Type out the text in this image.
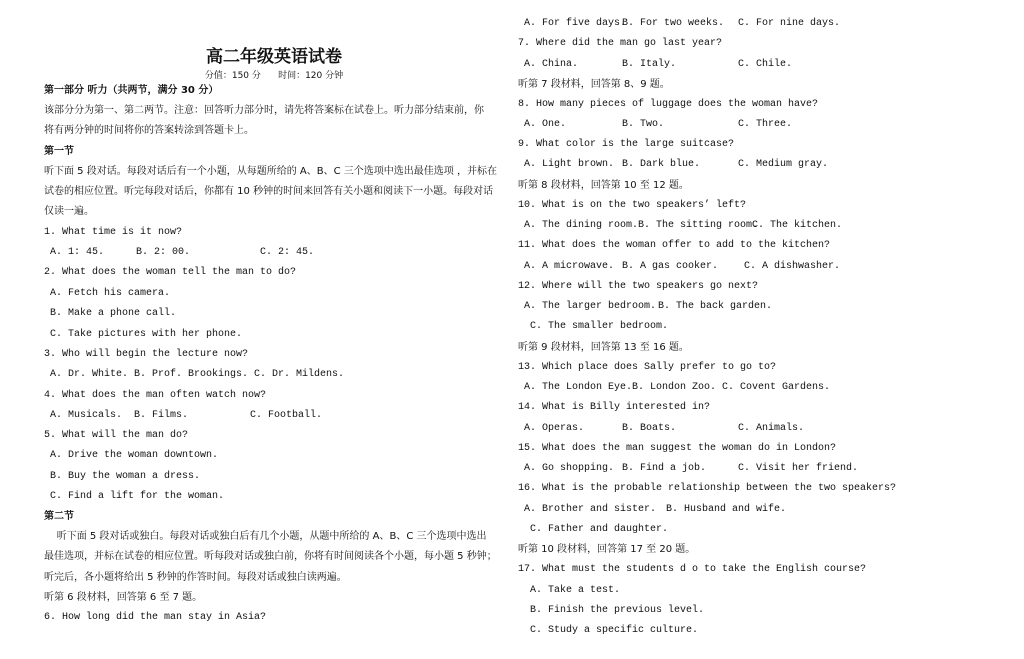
高二年级英语试卷
分值：150 分 时间：120 分钟
第一部分 听力（共两节，满分 30 分）
该部分分为第一、第二两节。注意：回答听力部分时，请先将答案标在试卷上。听力部分结束前，你
将有两分钟的时间将你的答案转涂到答题卡上。
第一节
听下面 5 段对话。每段对话后有一个小题，从每题所给的 A、B、C 三个选项中选出最佳选项 ，并标在
试卷的相应位置。听完每段对话后，你都有 10 秒钟的时间来回答有关小题和阅读下一小题。每段对话
仅读一遍。
1. What time is it now?
A. 1: 45.	B. 2: 00.	C. 2: 45.
2. What does the woman tell the man to do?
A. Fetch his camera.
B. Make a phone call.
C. Take pictures with her phone.
3. Who will begin the lecture now?
A. Dr. White. B. Prof. Brookings. C. Dr. Mildens.
4. What does the man often watch now?
A. Musicals.	B. Films.	C. Football.
5. What will the man do?
A. Drive the woman downtown.
B. Buy the woman a dress.
C. Find a lift for the woman.
第二节
听下面 5 段对话或独白。每段对话或独白后有几个小题，从题中所给的 A、B、C 三个选项中选出
最佳选项，并标在试卷的相应位置。听每段对话或独白前，你将有时间阅读各个小题，每小题 5 秒钟；
听完后，各小题将给出 5 秒钟的作答时间。每段对话或独白读两遍。
听第 6 段材料，回答第 6 至 7 题。
6. How long did the man stay in Asia?
A. For five days.
B. For two weeks.	C. For nine days.
7. Where did the man go last year?
A. China.	B. Italy.	C. Chile.
听第 7 段材料，回答第 8、9 题。
8. How many pieces of luggage does the woman have?
A. One.	B. Two.	C. Three.
9. What color is the large suitcase?
A. Light brown. B. Dark blue.	C. Medium gray.
听第 8 段材料，回答第 10 至 12 题。
10. What is on the two speakers’ left?
A. The dining room. B. The sitting room.
C. The kitchen.
11. What does the woman offer to add to the kitchen?
A. A microwave. B. A gas cooker.	C. A dishwasher.
12. Where will the two speakers go next?
A. The larger bedroom. B. The back garden.
C. The smaller bedroom.
听第 9 段材料，回答第 13 至 16 题。
13. Which place does Sally prefer to go to?
A. The London Eye. B. London Zoo. C. Covent Gardens.
14. What is Billy interested in?
A. Operas.	B. Boats.	C. Animals.
15. What does the man suggest the woman do in London?
A. Go shopping. B. Find a job.	C. Visit her friend.
16. What is the probable relationship between the two speakers?
A. Brother and sister. B. Husband and wife.
C. Father and daughter.
听第 10 段材料，回答第 17 至 20 题。
17. What must the students d o to take the English course?
A. Take a test.
B. Finish the previous level.
C. Study a specific culture.
